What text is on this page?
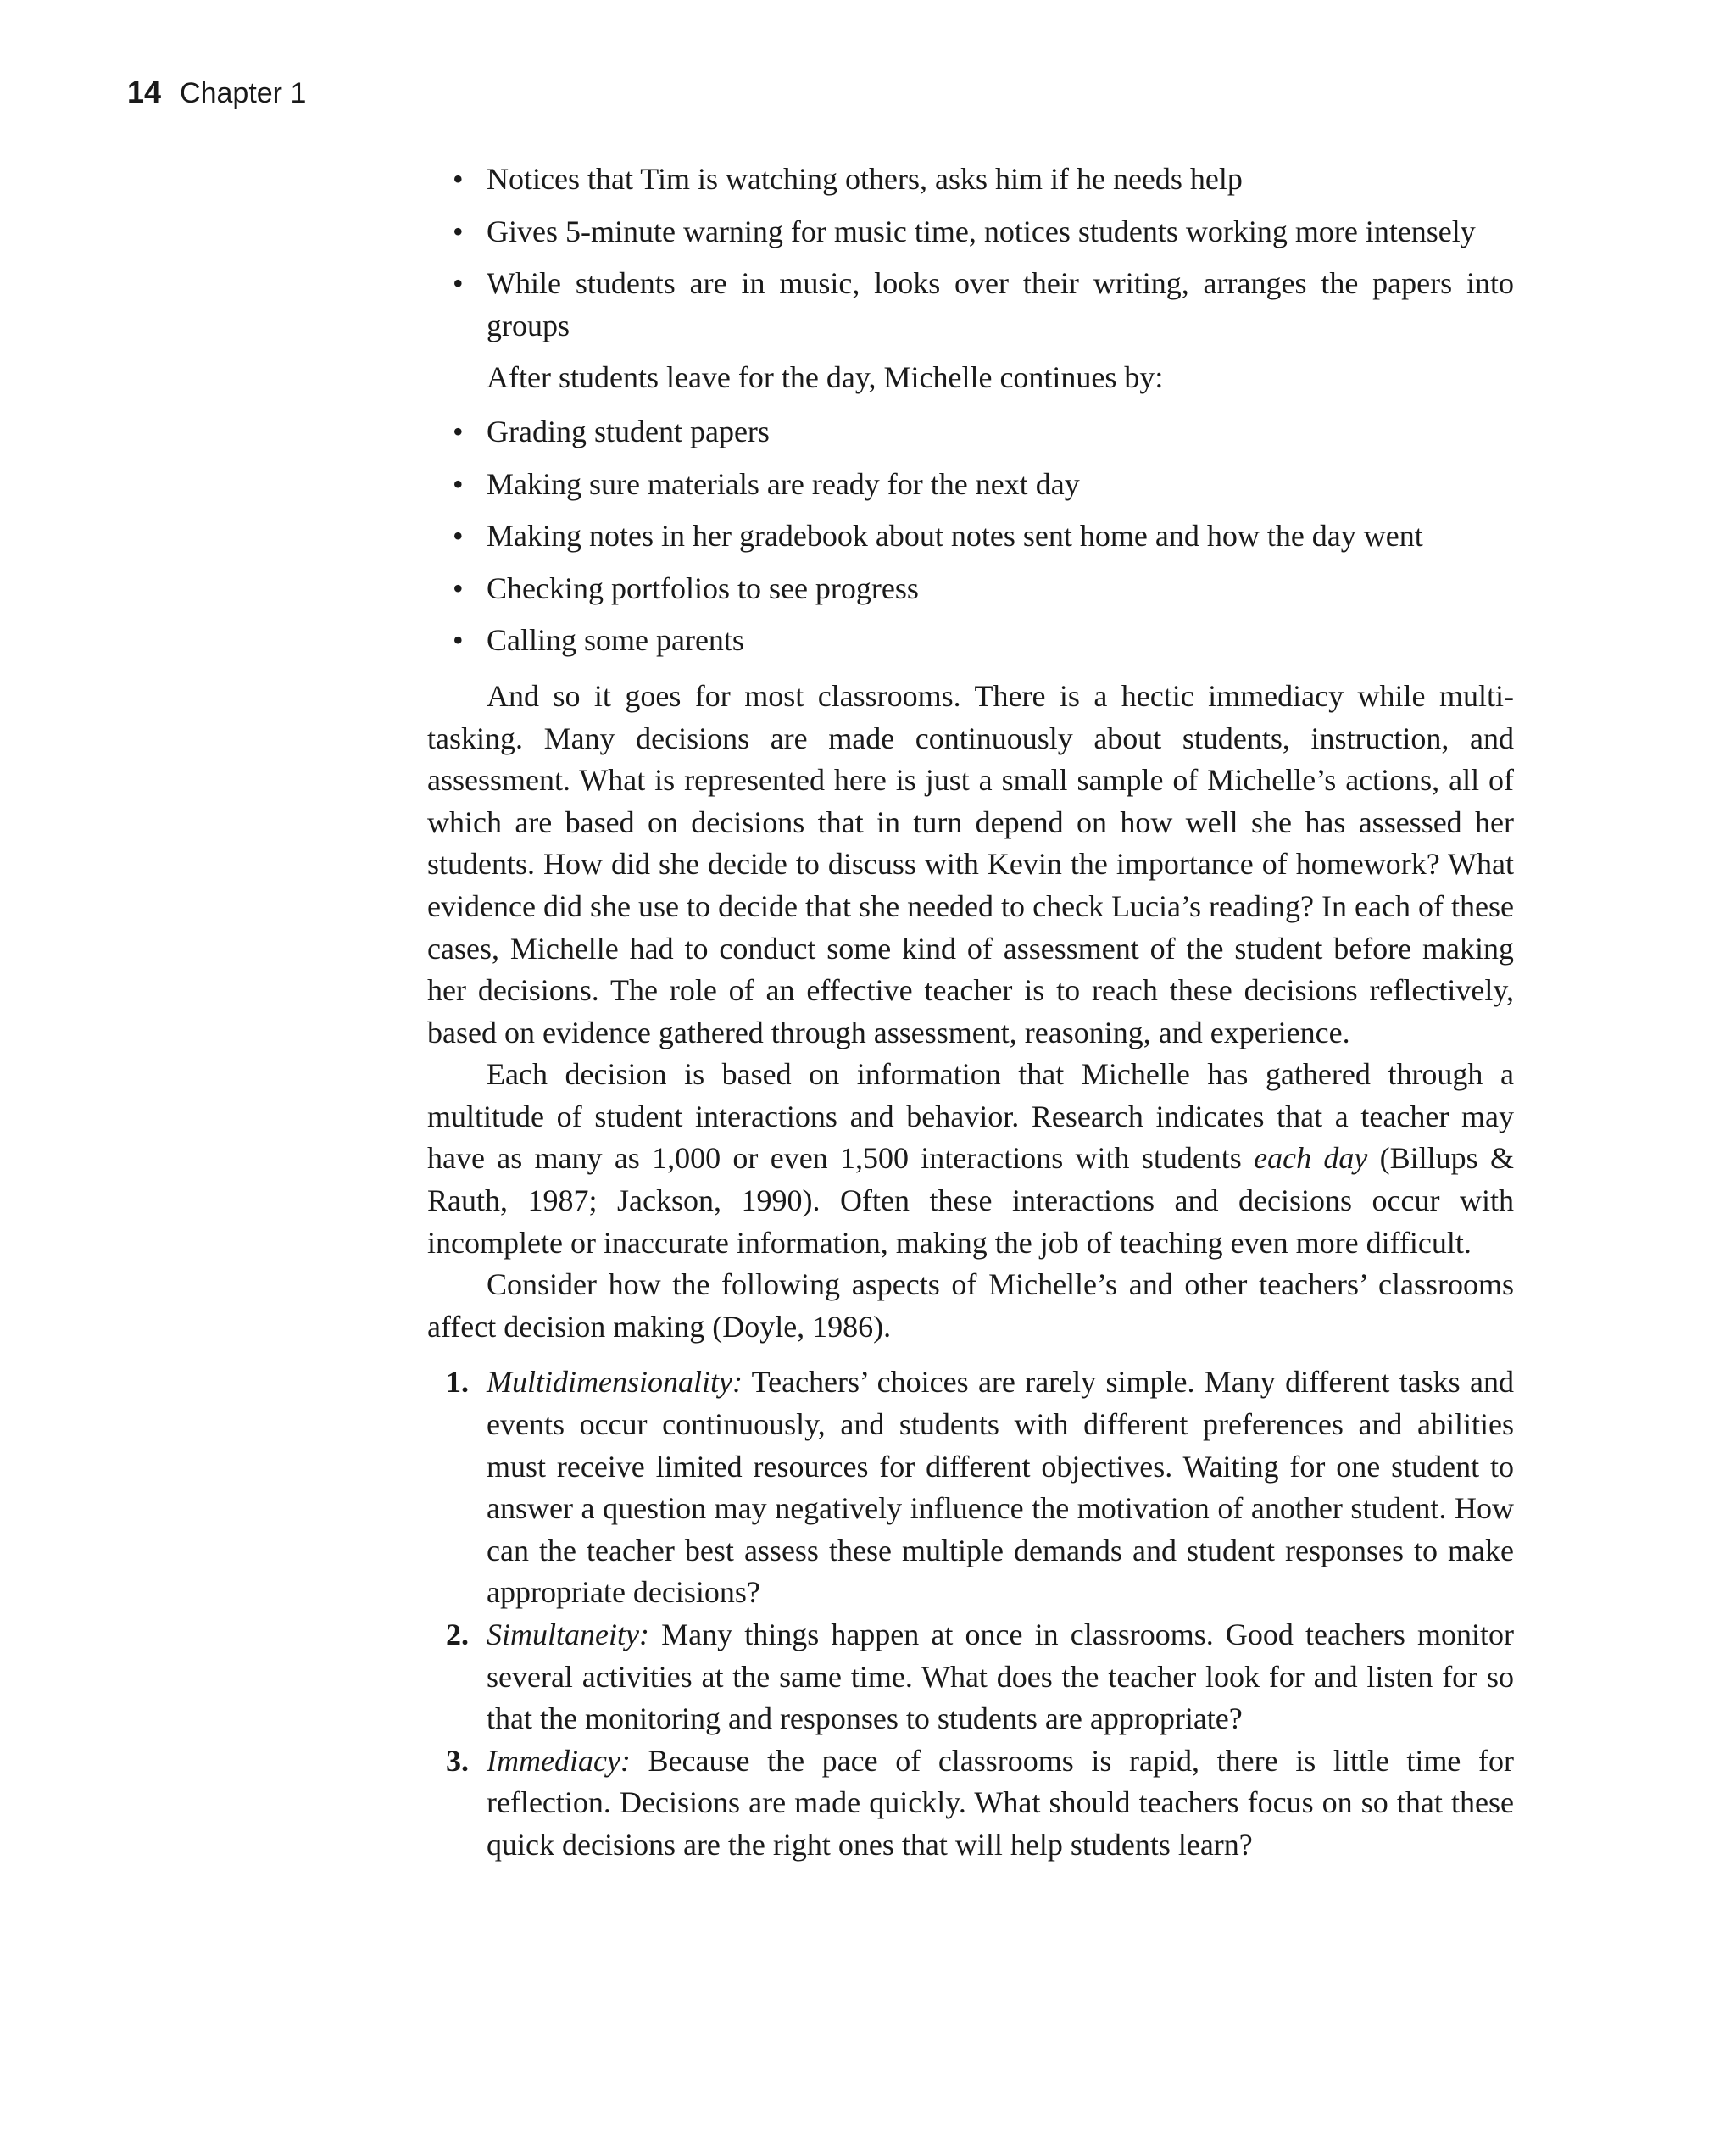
14 Chapter 1
• Notices that Tim is watching others, asks him if he needs help
• Gives 5-minute warning for music time, notices students working more intensely
• While students are in music, looks over their writing, arranges the papers into groups

After students leave for the day, Michelle continues by:

• Grading student papers
• Making sure materials are ready for the next day
• Making notes in her gradebook about notes sent home and how the day went
• Checking portfolios to see progress
• Calling some parents

And so it goes for most classrooms. There is a hectic immediacy while multitasking. Many decisions are made continuously about students, instruction, and assessment. What is represented here is just a small sample of Michelle’s actions, all of which are based on decisions that in turn depend on how well she has assessed her students. How did she decide to discuss with Kevin the importance of homework? What evidence did she use to decide that she needed to check Lucia’s reading? In each of these cases, Michelle had to conduct some kind of assessment of the student before making her decisions. The role of an effective teacher is to reach these decisions reflectively, based on evidence gathered through assessment, reasoning, and experience.

Each decision is based on information that Michelle has gathered through a multitude of student interactions and behavior. Research indicates that a teacher may have as many as 1,000 or even 1,500 interactions with students each day (Billups & Rauth, 1987; Jackson, 1990). Often these interactions and decisions occur with incomplete or inaccurate information, making the job of teaching even more difficult.

Consider how the following aspects of Michelle’s and other teachers’ classrooms affect decision making (Doyle, 1986).

1. Multidimensionality: Teachers’ choices are rarely simple. Many different tasks and events occur continuously, and students with different preferences and abilities must receive limited resources for different objectives. Waiting for one student to answer a question may negatively influence the motivation of another student. How can the teacher best assess these multiple demands and student responses to make appropriate decisions?
2. Simultaneity: Many things happen at once in classrooms. Good teachers monitor several activities at the same time. What does the teacher look for and listen for so that the monitoring and responses to students are appropriate?
3. Immediacy: Because the pace of classrooms is rapid, there is little time for reflection. Decisions are made quickly. What should teachers focus on so that these quick decisions are the right ones that will help students learn?
